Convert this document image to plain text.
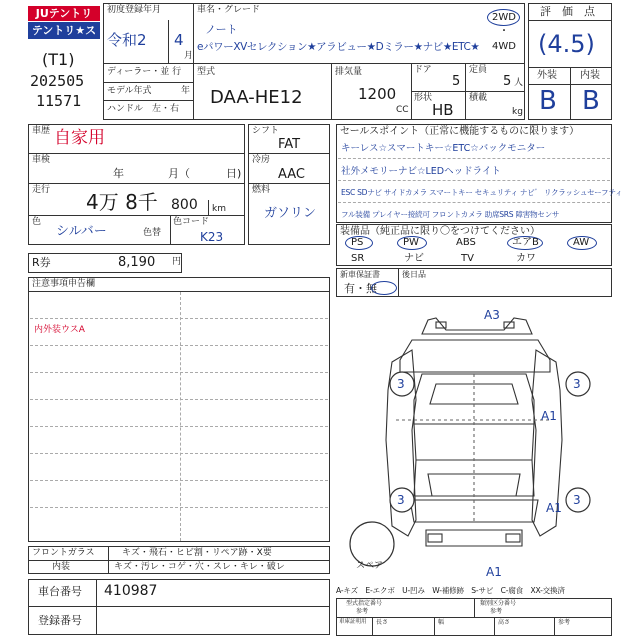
JUテントリ
テントリ★スター
(T1)
202505
11571
初度登録年月
令和2 4
月
車名・グレード
ノート
eパワーXVセレクション★アラビュー★Dミラー★ナビ★ETC★
2WD
・
4WD
評　価　点
(4.5)
外装 内装
B B
ディーラー・並 行
モデル年式	年
ハンドル　左・右
型式
DAA-HE12
排気量
1200
CC
ドア
5
定員
5 人
形状
HB
積載
kg
車歴 自家用
車検
年	月（	日)
走行 4万 8千 800 km
色
シルバー	色替
色コード
K23
シフト
FAT
冷房
AAC
燃料
ガソリン
セールスポイント（正常に機能するものに限ります）
キーレス☆スマートキー☆ETC☆バックモニター
社外メモリーナビ☆LEDヘッドライト
ESC SDナビ サイドカメラ スマートキー セキュリティ ナビ゛ リクラッシュセーフティ
フル装備 プレイヤー接続可 フロントカメラ 助席SRS 障害物センサ
装備品（純正品に限り〇をつけてください）
PS	PW	ABS	エアB	AW
SR	ナビ	TV	カワ
R券	8,190 円
新車保証書
有・無
後日品
注意事項申告欄
内外装ウスA
A3
3	3
A1
3	3
A1
A1
スペア
フロントガラス	キズ・飛石・ヒビ割・リペア跡・X要
内装	キズ・汚レ・コゲ・穴・スレ・キレ・破レ
車台番号 410987
登録番号
A-キズ　E-エクボ　U-凹み　W-補修跡　S-サビ　C-腐食　XX-交換済
型式指定番号
参考
類別区分番号
参考
車庫証明用 長さ	幅	高さ	参考
